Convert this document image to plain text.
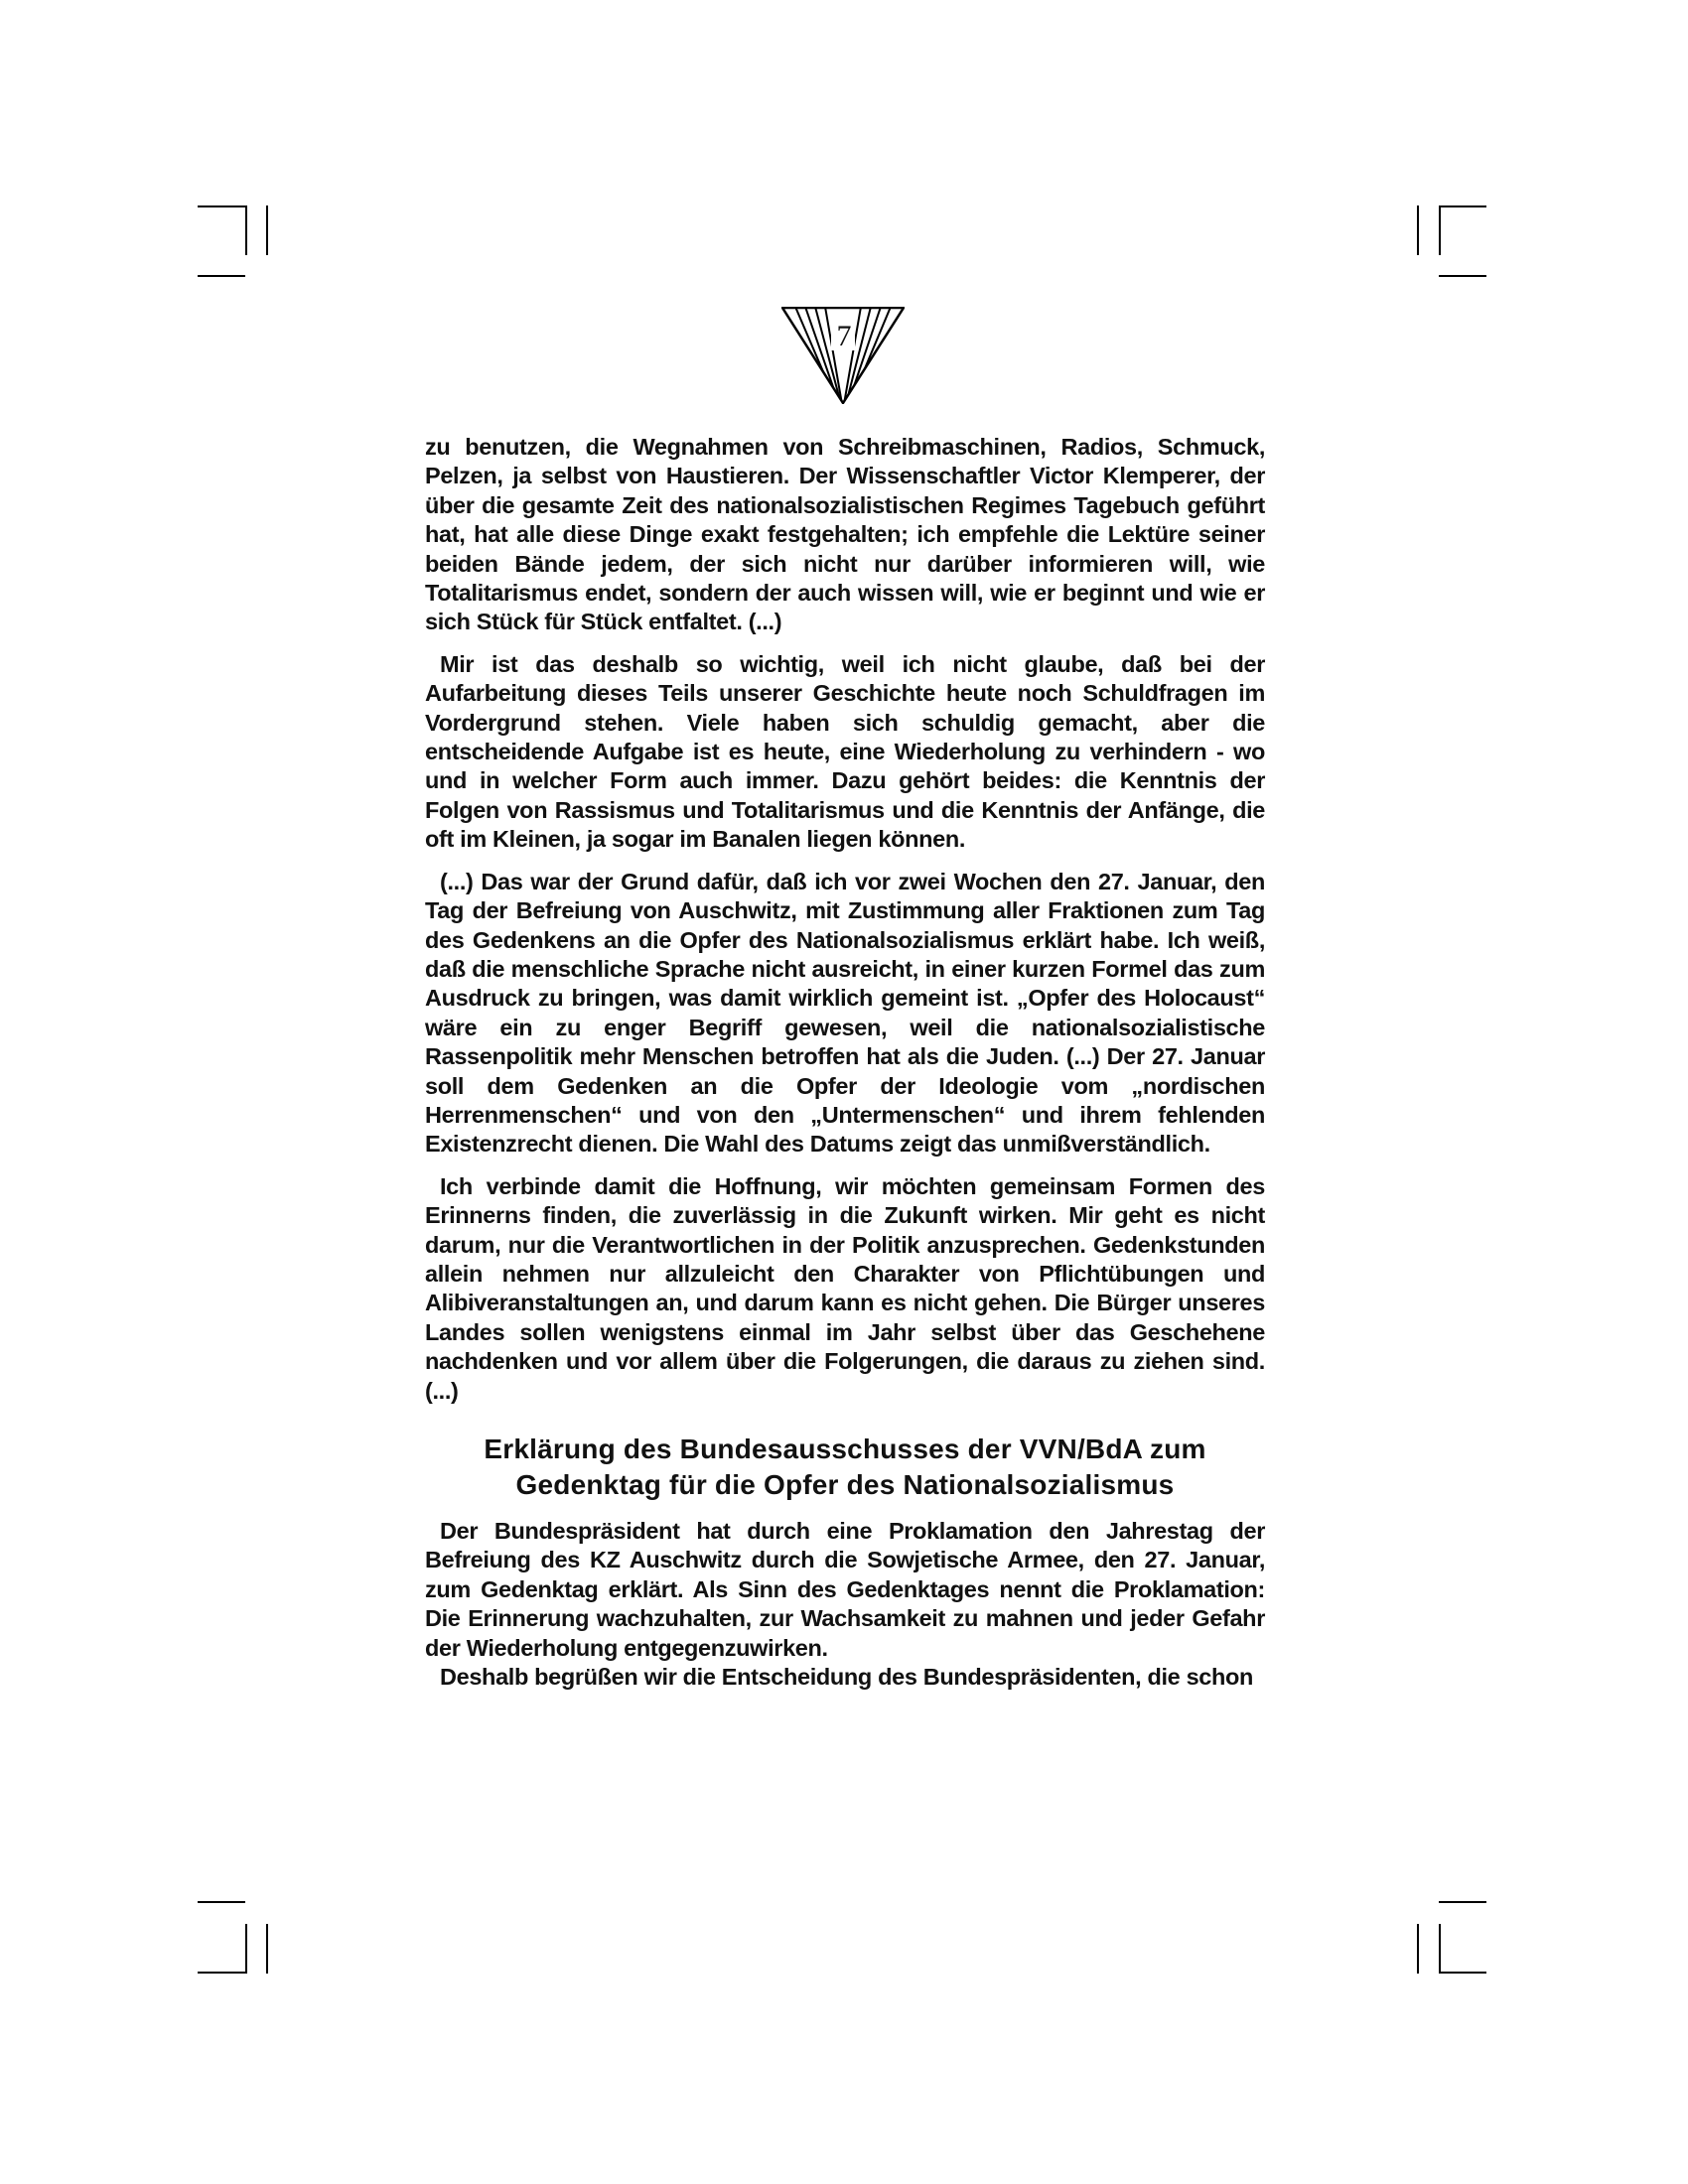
7

zu benutzen, die Wegnahmen von Schreibmaschinen, Radios, Schmuck, Pelzen, ja selbst von Haustieren. Der Wissenschaftler Victor Klemperer, der über die gesamte Zeit des nationalsozialistischen Regimes Tagebuch geführt hat, hat alle diese Dinge exakt festgehalten; ich empfehle die Lektüre seiner beiden Bände jedem, der sich nicht nur darüber informieren will, wie Totalitarismus endet, sondern der auch wissen will, wie er beginnt und wie er sich Stück für Stück entfaltet. (...)

Mir ist das deshalb so wichtig, weil ich nicht glaube, daß bei der Aufarbeitung dieses Teils unserer Geschichte heute noch Schuldfragen im Vordergrund stehen. Viele haben sich schuldig gemacht, aber die entscheidende Aufgabe ist es heute, eine Wiederholung zu verhindern - wo und in welcher Form auch immer. Dazu gehört beides: die Kenntnis der Folgen von Rassismus und Totalitarismus und die Kenntnis der Anfänge, die oft im Kleinen, ja sogar im Banalen liegen können.

(...) Das war der Grund dafür, daß ich vor zwei Wochen den 27. Januar, den Tag der Befreiung von Auschwitz, mit Zustimmung aller Fraktionen zum Tag des Gedenkens an die Opfer des Nationalsozialismus erklärt habe. Ich weiß, daß die menschliche Sprache nicht ausreicht, in einer kurzen Formel das zum Ausdruck zu bringen, was damit wirklich gemeint ist. „Opfer des Holocaust“ wäre ein zu enger Begriff gewesen, weil die nationalsozialistische Rassenpolitik mehr Menschen betroffen hat als die Juden. (...) Der 27. Januar soll dem Gedenken an die Opfer der Ideologie vom „nordischen Herrenmenschen“ und von den „Untermenschen“ und ihrem fehlenden Existenzrecht dienen. Die Wahl des Datums zeigt das unmißverständlich.

Ich verbinde damit die Hoffnung, wir möchten gemeinsam Formen des Erinnerns finden, die zuverlässig in die Zukunft wirken. Mir geht es nicht darum, nur die Verantwortlichen in der Politik anzusprechen. Gedenkstunden allein nehmen nur allzuleicht den Charakter von Pflichtübungen und Alibiveranstaltungen an, und darum kann es nicht gehen. Die Bürger unseres Landes sollen wenigstens einmal im Jahr selbst über das Geschehene nachdenken und vor allem über die Folgerungen, die daraus zu ziehen sind. (...)

Erklärung des Bundesausschusses der VVN/BdA zum
Gedenktag für die Opfer des Nationalsozialismus

Der Bundespräsident hat durch eine Proklamation den Jahrestag der Befreiung des KZ Auschwitz durch die Sowjetische Armee, den 27. Januar, zum Gedenktag erklärt. Als Sinn des Gedenktages nennt die Proklamation: Die Erinnerung wachzuhalten, zur Wachsamkeit zu mahnen und jeder Gefahr der Wiederholung entgegenzuwirken.

Deshalb begrüßen wir die Entscheidung des Bundespräsidenten, die schon
